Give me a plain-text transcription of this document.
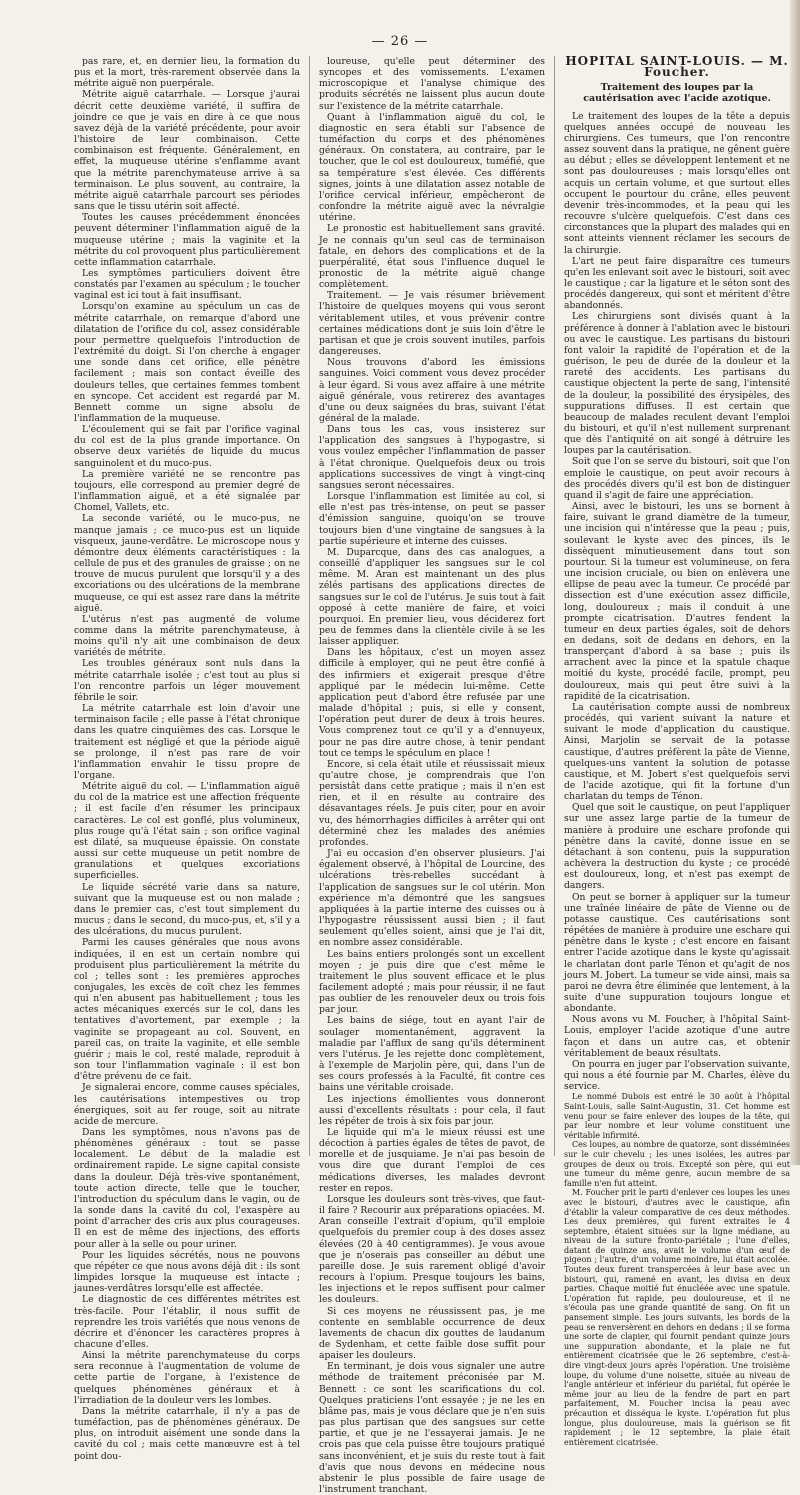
— 26 —

pas rare, et, en dernier lieu, la formation du pus et la mort, très-rarement observée dans la métrite aiguë non puerpérale.

Métrite aiguë catarrhale. — Lorsque j'aurai décrit cette deuxième variété, il suffira de joindre ce que je vais en dire à ce que nous savez déjà de la variété précédente, pour avoir l'histoire de leur combinaison. Cette combinaison est fréquente. Généralement, en effet, la muqueuse utérine s'enflamme avant que la métrite parenchymateuse arrive à sa terminaison. Le plus souvent, au contraire, la métrite aiguë catarrhale parcourt ses périodes sans que le tissu utérin soit affecté.

Toutes les causes précédemment énoncées peuvent déterminer l'inflammation aiguë de la muqueuse utérine ; mais la vaginite et la métrite du col provoquent plus particulièrement cette inflammation catarrhale.

Les symptômes particuliers doivent être constatés par l'examen au spéculum ; le toucher vaginal est ici tout à fait insuffisant.

Lorsqu'on examine au spéculum un cas de métrite catarrhale, on remarque d'abord une dilatation de l'orifice du col, assez considérable pour permettre quelquefois l'introduction de l'extrémité du doigt. Si l'on cherche à engager une sonde dans cet orifice, elle pénètre facilement ; mais son contact éveille des douleurs telles, que certaines femmes tombent en syncope. Cet accident est regardé par M. Bennett comme un signe absolu de l'inflammation de la muqueuse.

L'écoulement qui se fait par l'orifice vaginal du col est de la plus grande importance. On observe deux variétés de liquide du mucus sanguinolent et du muco-pus.

La première variété ne se rencontre pas toujours, elle correspond au premier degré de l'inflammation aiguë, et a été signalée par Chomel, Vallets, etc.

La seconde variété, ou le muco-pus, ne manque jamais ; ce muco-pus est un liquide visqueux, jaune-verdâtre. Le microscope nous y démontre deux éléments caractéristiques : la cellule de pus et des granules de graisse ; on ne trouve de mucus purulent que lorsqu'il y a des excoriations ou des ulcérations de la membrane muqueuse, ce qui est assez rare dans la métrite aiguë.

L'utérus n'est pas augmenté de volume comme dans la métrite parenchymateuse, à moins qu'il n'y ait une combinaison de deux variétés de métrite.

Les troubles généraux sont nuls dans la métrite catarrhale isolée ; c'est tout au plus si l'on rencontre parfois un léger mouvement fébrile le soir.

La métrite catarrhale est loin d'avoir une terminaison facile ; elle passe à l'état chronique dans les quatre cinquièmes des cas. Lorsque le traitement est négligé et que la période aiguë se prolonge, il n'est pas rare de voir l'inflammation envahir le tissu propre de l'organe.

Métrite aiguë du col. — L'inflammation aiguë du col de la matrice est une affection fréquente ; il est facile d'en résumer les principaux caractères. Le col est gonflé, plus volumineux, plus rouge qu'à l'état sain ; son orifice vaginal est dilaté, sa muqueuse épaissie. On constate aussi sur cette muqueuse un petit nombre de granulations et quelques excoriations superficielles.

Le liquide sécrété varie dans sa nature, suivant que la muqueuse est ou non malade ; dans le premier cas, c'est tout simplement du mucus ; dans le second, du muco-pus, et, s'il y a des ulcérations, du mucus purulent.

Parmi les causes générales que nous avons indiquées, il en est un certain nombre qui produisent plus particulièrement la métrite du col ; telles sont : les premières approches conjugales, les excès de coït chez les femmes qui n'en abusent pas habituellement ; tous les actes mécaniques exercés sur le col, dans les tentatives d'avortement, par exemple ; la vaginite se propageant au col. Souvent, en pareil cas, on traite la vaginite, et elle semble guérir ; mais le col, resté malade, reproduit à son tour l'inflammation vaginale : il est bon d'être prévenu de ce fait.

Je signalerai encore, comme causes spéciales, les cautérisations intempestives ou trop énergiques, soit au fer rouge, soit au nitrate acide de mercure.

Dans les symptômes, nous n'avons pas de phénomènes généraux : tout se passe localement. Le début de la maladie est ordinairement rapide. Le signe capital consiste dans la douleur. Déjà très-vive spontanément, toute action directe, telle que le toucher, l'introduction du spéculum dans le vagin, ou de la sonde dans la cavité du col, l'exaspère au point d'arracher des cris aux plus courageuses. Il en est de même des injections, des efforts pour aller à la selle ou pour uriner.

Pour les liquides sécrétés, nous ne pouvons que répéter ce que nous avons déjà dit : ils sont limpides lorsque la muqueuse est intacte ; jaunes-verdâtres lorsqu'elle est affectée.

Le diagnostic de ces différentes métrites est très-facile. Pour l'établir, il nous suffit de reprendre les trois variétés que nous venons de décrire et d'énoncer les caractères propres à chacune d'elles.

Ainsi la métrite parenchymateuse du corps sera reconnue à l'augmentation de volume de cette partie de l'organe, à l'existence de quelques phénomènes généraux et à l'irradiation de la douleur vers les lombes.

Dans la métrite catarrhale, il n'y a pas de tuméfaction, pas de phénomènes généraux. De plus, on introduit aisément une sonde dans la cavité du col ; mais cette manœuvre est à tel point dou-

loureuse, qu'elle peut déterminer des syncopes et des vomissements. L'examen microscopique et l'analyse chimique des produits sécrétés ne laissent plus aucun doute sur l'existence de la métrite catarrhale.

Quant à l'inflammation aiguë du col, le diagnostic en sera établi sur l'absence de tuméfaction du corps et des phénomènes généraux. On constatera, au contraire, par le toucher, que le col est douloureux, tuméfié, que sa température s'est élevée. Ces différents signes, joints à une dilatation assez notable de l'orifice cervical inférieur, empêcheront de confondre la métrite aiguë avec la névralgie utérine.

Le pronostic est habituellement sans gravité. Je ne connais qu'un seul cas de terminaison fatale, en dehors des complications et de la puerpéralité, état sous l'influence duquel le pronostic de la métrite aiguë change complètement.

Traitement. — Je vais résumer brièvement l'histoire de quelques moyens qui vous seront véritablement utiles, et vous prévenir contre certaines médications dont je suis loin d'être le partisan et que je crois souvent inutiles, parfois dangereuses.

Nous trouvons d'abord les émissions sanguines. Voici comment vous devez procéder à leur égard. Si vous avez affaire à une métrite aiguë générale, vous retirerez des avantages d'une ou deux saignées du bras, suivant l'état général de la malade.

Dans tous les cas, vous insisterez sur l'application des sangsues à l'hypogastre, si vous voulez empêcher l'inflammation de passer à l'état chronique. Quelquefois deux ou trois applications successives de vingt à vingt-cinq sangsues seront nécessaires.

Lorsque l'inflammation est limitée au col, si elle n'est pas très-intense, on peut se passer d'émission sanguine, quoiqu'on se trouve toujours bien d'une vingtaine de sangsues à la partie supérieure et interne des cuisses.

M. Duparcque, dans des cas analogues, a conseillé d'appliquer les sangsues sur le col même. M. Aran est maintenant un des plus zélés partisans des applications directes de sangsues sur le col de l'utérus. Je suis tout à fait opposé à cette manière de faire, et voici pourquoi. En premier lieu, vous déciderez fort peu de femmes dans la clientèle civile à se les laisser appliquer.

Dans les hôpitaux, c'est un moyen assez difficile à employer, qui ne peut être confié à des infirmiers et exigerait presque d'être appliqué par le médecin lui-même. Cette application peut d'abord être refusée par une malade d'hôpital ; puis, si elle y consent, l'opération peut durer de deux à trois heures. Vous comprenez tout ce qu'il y a d'ennuyeux, pour ne pas dire autre chose, à tenir pendant tout ce temps le spéculum en place !

Encore, si cela était utile et réussissait mieux qu'autre chose, je comprendrais que l'on persistât dans cette pratique ; mais il n'en est rien, et il en résulte au contraire des désavantages réels. Je puis citer, pour en avoir vu, des hémorrhagies difficiles à arrêter qui ont déterminé chez les malades des anémies profondes.

J'ai eu occasion d'en observer plusieurs. J'ai également observé, à l'hôpital de Lourcine, des ulcérations très-rebelles succédant à l'application de sangsues sur le col utérin. Mon expérience m'a démontré que les sangsues appliquées à la partie interne des cuisses ou à l'hypogastre réussissent aussi bien ; il faut seulement qu'elles soient, ainsi que je l'ai dit, en nombre assez considérable.

Les bains entiers prolongés sont un excellent moyen ; je puis dire que c'est même le traitement le plus souvent efficace et le plus facilement adopté ; mais pour réussir, il ne faut pas oublier de les renouveler deux ou trois fois par jour.

Les bains de siége, tout en ayant l'air de soulager momentanément, aggravent la maladie par l'afflux de sang qu'ils déterminent vers l'utérus. Je les rejette donc complètement, à l'exemple de Marjolin père, qui, dans l'un de ses cours professés à la Faculté, fit contre ces bains une véritable croisade.

Les injections émollientes vous donneront aussi d'excellents résultats : pour cela, il faut les répéter de trois à six fois par jour.

Le liquide qui m'a le mieux réussi est une décoction à parties égales de têtes de pavot, de morelle et de jusquiame. Je n'ai pas besoin de vous dire que durant l'emploi de ces médications diverses, les malades devront rester en repos.

Lorsque les douleurs sont très-vives, que faut-il faire ? Recourir aux préparations opiacées. M. Aran conseille l'extrait d'opium, qu'il emploie quelquefois du premier coup à des doses assez élevées (20 à 40 centigrammes). Je vous avoue que je n'oserais pas conseiller au début une pareille dose. Je suis rarement obligé d'avoir recours à l'opium. Presque toujours les bains, les injections et le repos suffisent pour calmer les douleurs.

Si ces moyens ne réussissent pas, je me contente en semblable occurrence de deux lavements de chacun dix gouttes de laudanum de Sydenham, et cette faible dose suffit pour apaiser les douleurs.

En terminant, je dois vous signaler une autre méthode de traitement préconisée par M. Bennett : ce sont les scarifications du col. Quelques praticiens l'ont essayée ; je ne les en blâme pas, mais je vous déclare que je n'en suis pas plus partisan que des sangsues sur cette partie, et que je ne l'essayerai jamais. Je ne crois pas que cela puisse être toujours pratiqué sans inconvénient, et je suis du reste tout à fait d'avis que nous devons en médecine nous abstenir le plus possible de faire usage de l'instrument tranchant.

HOPITAL SAINT-LOUIS. — M. Foucher.
Traitement des loupes par la cautérisation avec l'acide azotique.

Le traitement des loupes de la tête a depuis quelques années occupé de nouveau les chirurgiens. Ces tumeurs, que l'on rencontre assez souvent dans la pratique, ne gênent guère au début ; elles se développent lentement et ne sont pas douloureuses ; mais lorsqu'elles ont acquis un certain volume, et que surtout elles occupent le pourtour du crâne, elles peuvent devenir très-incommodes, et la peau qui les recouvre s'ulcère quelquefois. C'est dans ces circonstances que la plupart des malades qui en sont atteints viennent réclamer les secours de la chirurgie.

L'art ne peut faire disparaître ces tumeurs qu'en les enlevant soit avec le bistouri, soit avec le caustique ; car la ligature et le séton sont des procédés dangereux, qui sont et méritent d'être abandonnés.

Les chirurgiens sont divisés quant à la préférence à donner à l'ablation avec le bistouri ou avec le caustique. Les partisans du bistouri font valoir la rapidité de l'opération et de la guérison, le peu de durée de la douleur et la rareté des accidents. Les partisans du caustique objectent la perte de sang, l'intensité de la douleur, la possibilité des érysipèles, des suppurations diffuses. Il est certain que beaucoup de malades reculent devant l'emploi du bistouri, et qu'il n'est nullement surprenant que dès l'antiquité on ait songé à détruire les loupes par la cautérisation.

Soit que l'on se serve du bistouri, soit que l'on emploie le caustique, on peut avoir recours à des procédés divers qu'il est bon de distinguer quand il s'agit de faire une appréciation.

Ainsi, avec le bistouri, les uns se bornent à faire, suivant le grand diamètre de la tumeur, une incision qui n'intéresse que la peau ; puis, soulevant le kyste avec des pinces, ils le dissèquent minutieusement dans tout son pourtour. Si la tumeur est volumineuse, on fera une incision cruciale, ou bien on enlèvera une ellipse de peau avec la tumeur. Ce procédé par dissection est d'une exécution assez difficile, long, douloureux ; mais il conduit à une prompte cicatrisation. D'autres fendent la tumeur en deux parties égales, soit de dehors en dedans, soit de dedans en dehors, en la transperçant d'abord à sa base ; puis ils arrachent avec la pince et la spatule chaque moitié du kyste, procédé facile, prompt, peu douloureux, mais qui peut être suivi à la rapidité de la cicatrisation.

La cautérisation compte aussi de nombreux procédés, qui varient suivant la nature et suivant le mode d'application du caustique. Ainsi, Marjolin se servait de la potasse caustique, d'autres préfèrent la pâte de Vienne, quelques-uns vantent la solution de potasse caustique, et M. Jobert s'est quelquefois servi de l'acide azotique, qui fit la fortune d'un charlatan du temps de Ténon.

Quel que soit le caustique, on peut l'appliquer sur une assez large partie de la tumeur de manière à produire une eschare profonde qui pénètre dans la cavité, donne issue en se détachant à son contenu, puis la suppuration achèvera la destruction du kyste ; ce procédé est douloureux, long, et n'est pas exempt de dangers.

On peut se borner à appliquer sur la tumeur une traînée linéaire de pâte de Vienne ou de potasse caustique. Ces cautérisations sont répétées de manière à produire une eschare qui pénètre dans le kyste ; c'est encore en faisant entrer l'acide azotique dans le kyste qu'agissait le charlatan dont parle Ténon et qu'agit de nos jours M. Jobert. La tumeur se vide ainsi, mais sa paroi ne devra être éliminée que lentement, à la suite d'une suppuration toujours longue et abondante.

Nous avons vu M. Foucher, à l'hôpital Saint-Louis, employer l'acide azotique d'une autre façon et dans un autre cas, et obtenir véritablement de beaux résultats.

On pourra en juger par l'observation suivante, qui nous a été fournie par M. Charles, élève du service.

Le nommé Dubois est entré le 30 août à l'hôpital Saint-Louis, salle Saint-Augustin, 31. Cet homme est venu pour se faire enlever des loupes de la tête, qui par leur nombre et leur volume constituent une véritable infirmité.

Ces loupes, au nombre de quatorze, sont disséminées sur le cuir chevelu ; les unes isolées, les autres par groupes de deux ou trois. Excepté son père, qui eut une tumeur du même genre, aucun membre de sa famille n'en fut atteint.

M. Foucher prit le parti d'enlever ces loupes les unes avec le bistouri, d'autres avec le caustique, afin d'établir la valeur comparative de ces deux méthodes. Les deux premières, qui furent extraites le 4 septembre, étaient situées sur la ligne médiane, au niveau de la suture fronto-pariétale ; l'une d'elles, datant de quinze ans, avait le volume d'un œuf de pigeon ; l'autre, d'un volume moindre, lui était accolée. Toutes deux furent transpercées à leur base avec un bistouri, qui, ramené en avant, les divisa en deux parties. Chaque moitié fut énucléée avec une spatule. L'opération fut rapide, peu douloureuse, et il ne s'écoula pas une grande quantité de sang. On fit un pansement simple. Les jours suivants, les bords de la peau se renversèrent en dehors en dedans ; il se forma une sorte de clapier, qui fournit pendant quinze jours une suppuration abondante, et la plaie ne fut entièrement cicatrisée que le 26 septembre, c'est-à-dire vingt-deux jours après l'opération. Une troisième loupe, du volume d'une noisette, située au niveau de l'angle antérieur et inférieur du pariétal, fut opérée le même jour au lieu de la fendre de part en part parfaitement, M. Foucher incisa la peau avec précaution et disséqua le kyste. L'opération fut plus longue, plus douloureuse, mais la guérison se fit rapidement ; le 12 septembre, la plaie était entièrement cicatrisée.
